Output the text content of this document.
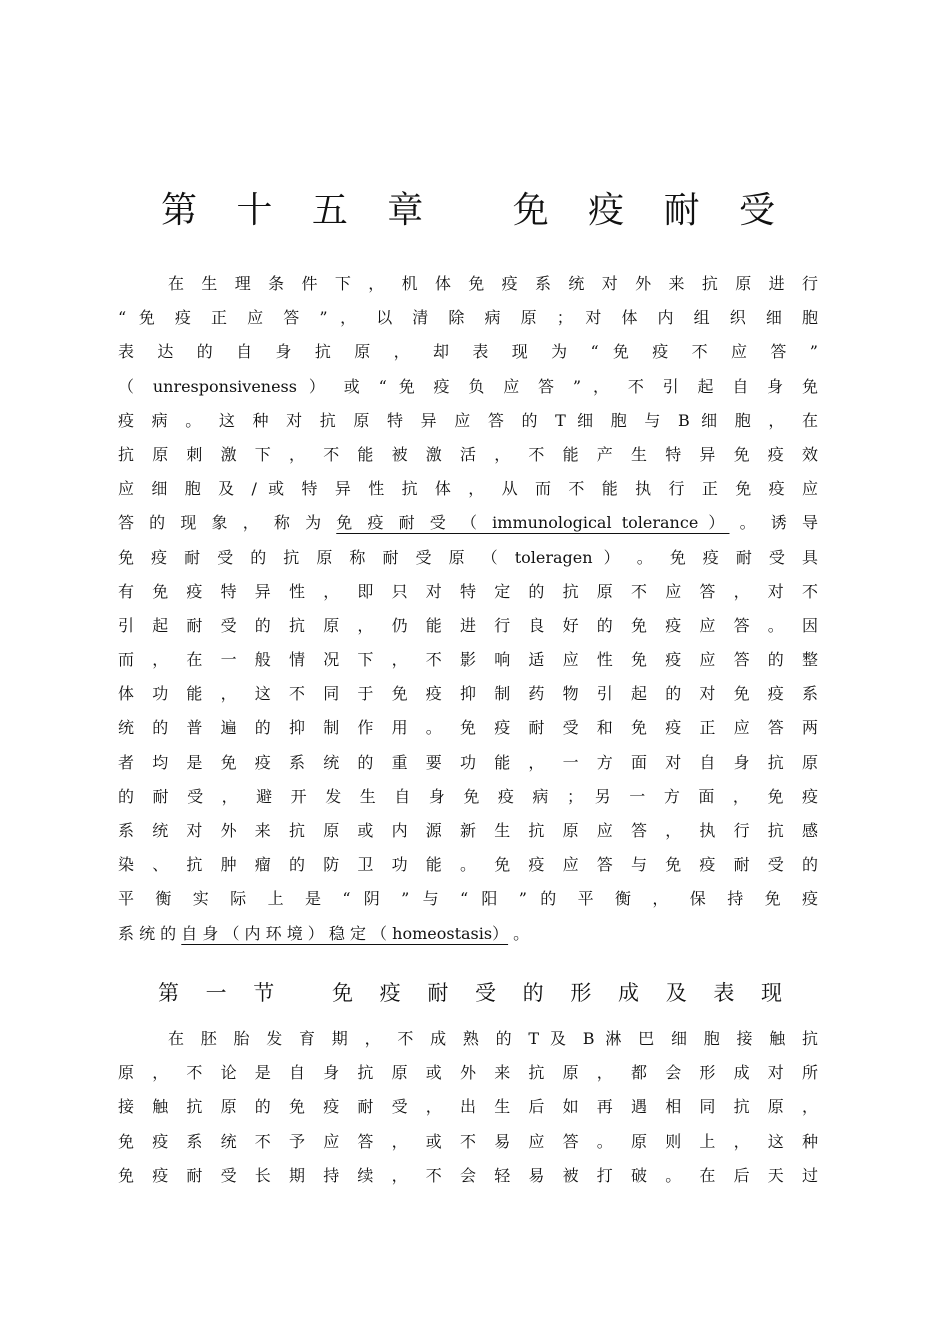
第 十 五 章　 免 疫 耐 受
在 生 理 条 件 下 ， 机 体 免 疫 系 统 对 外 来 抗 原 进 行
“ 免 疫 正 应 答 ” ， 以 清 除 病 原 ； 对 体 内 组 织 细 胞
表 达 的 自 身 抗 原 ， 却 表 现 为 “ 免 疫 不 应 答 ”
（ unresponsiveness ） 或 “ 免 疫 负 应 答 ” ， 不 引 起 自 身 免
疫 病 。 这 种 对 抗 原 特 异 应 答 的 T 细 胞 与 B 细 胞 ， 在
抗 原 刺 激 下 ， 不 能 被 激 活 ， 不 能 产 生 特 异 免 疫 效
应 细 胞 及 / 或 特 异 性 抗 体 ， 从 而 不 能 执 行 正 免 疫 应
答 的 现 象 ， 称 为 免 疫 耐 受 （ immunological tolerance ） 。 诱 导
免 疫 耐 受 的 抗 原 称 耐 受 原 （ toleragen ） 。 免 疫 耐 受 具
有 免 疫 特 异 性 ， 即 只 对 特 定 的 抗 原 不 应 答 ， 对 不
引 起 耐 受 的 抗 原 ， 仍 能 进 行 良 好 的 免 疫 应 答 。 因
而 ， 在 一 般 情 况 下 ， 不 影 响 适 应 性 免 疫 应 答 的 整
体 功 能 ， 这 不 同 于 免 疫 抑 制 药 物 引 起 的 对 免 疫 系
统 的 普 遍 的 抑 制 作 用 。 免 疫 耐 受 和 免 疫 正 应 答 两
者 均 是 免 疫 系 统 的 重 要 功 能 ， 一 方 面 对 自 身 抗 原
的 耐 受 ， 避 开 发 生 自 身 免 疫 病 ； 另 一 方 面 ， 免 疫
系 统 对 外 来 抗 原 或 内 源 新 生 抗 原 应 答 ， 执 行 抗 感
染 、 抗 肿 瘤 的 防 卫 功 能 。 免 疫 应 答 与 免 疫 耐 受 的
平 衡 实 际 上 是 “ 阴 ” 与 “ 阳 ” 的 平 衡 ， 保 持 免 疫
系 统 的 自 身 （ 内 环 境 ） 稳 定 （ homeostasis） 。
第 一 节　 免 疫 耐 受 的 形 成 及 表 现
在 胚 胎 发 育 期 ， 不 成 熟 的 T 及 B 淋 巴 细 胞 接 触 抗
原 ， 不 论 是 自 身 抗 原 或 外 来 抗 原 ， 都 会 形 成 对 所
接 触 抗 原 的 免 疫 耐 受 ， 出 生 后 如 再 遇 相 同 抗 原 ，
免 疫 系 统 不 予 应 答 ， 或 不 易 应 答 。 原 则 上 ， 这 种
免 疫 耐 受 长 期 持 续 ， 不 会 轻 易 被 打 破 。 在 后 天 过
